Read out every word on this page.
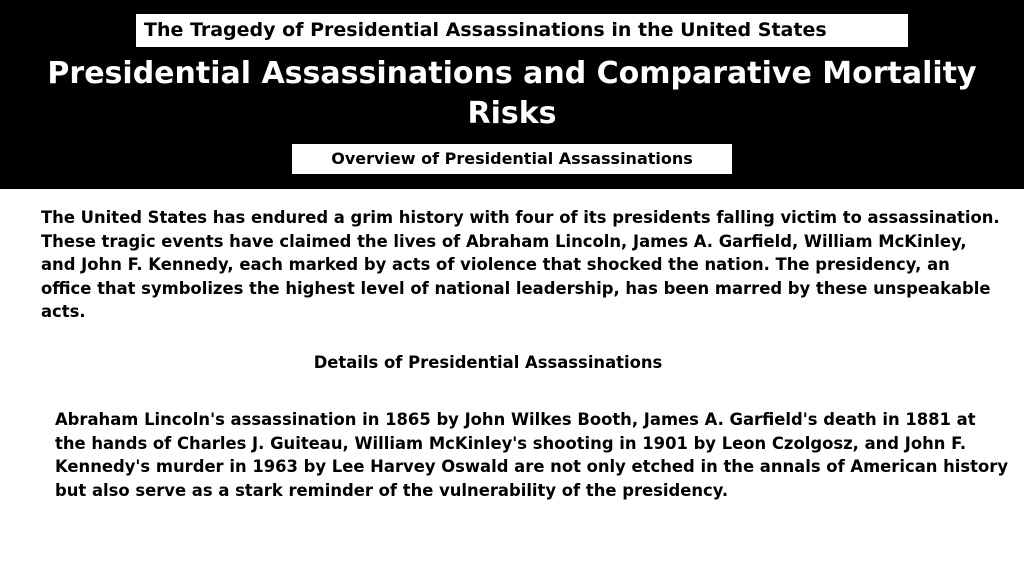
The Tragedy of Presidential Assassinations in the United States
Presidential Assassinations and Comparative Mortality Risks
Overview of Presidential Assassinations

The United States has endured a grim history with four of its presidents falling victim to assassination. These tragic events have claimed the lives of Abraham Lincoln, James A. Garfield, William McKinley, and John F. Kennedy, each marked by acts of violence that shocked the nation. The presidency, an office that symbolizes the highest level of national leadership, has been marred by these unspeakable acts.

Details of Presidential Assassinations

Abraham Lincoln's assassination in 1865 by John Wilkes Booth, James A. Garfield's death in 1881 at the hands of Charles J. Guiteau, William McKinley's shooting in 1901 by Leon Czolgosz, and John F. Kennedy's murder in 1963 by Lee Harvey Oswald are not only etched in the annals of American history but also serve as a stark reminder of the vulnerability of the presidency.
